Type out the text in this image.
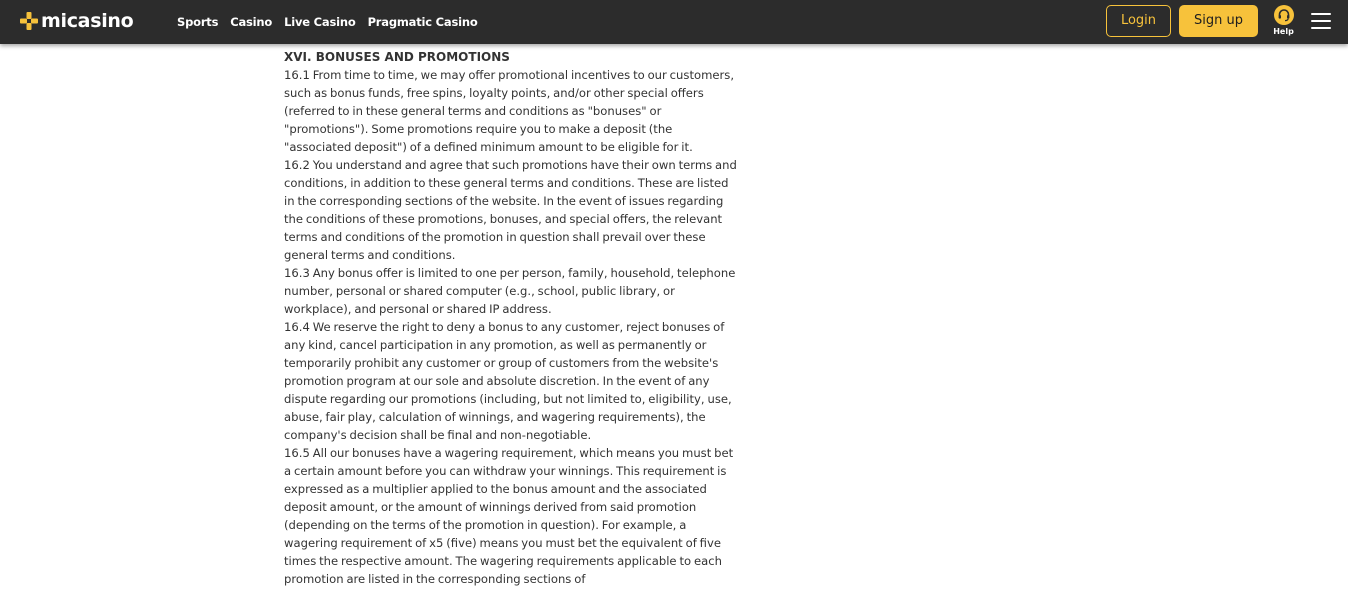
micasino	Sports Casino Live Casino Pragmatic Casino	Login	Sign up
Help
XVI. BONUSES AND PROMOTIONS

16.1 From time to time, we may offer promotional incentives to our customers, such as bonus funds, free spins, loyalty points, and/or other special offers (referred to in these general terms and conditions as "bonuses" or "promotions"). Some promotions require you to make a deposit (the "associated deposit") of a defined minimum amount to be eligible for it.

16.2 You understand and agree that such promotions have their own terms and conditions, in addition to these general terms and conditions. These are listed in the corresponding sections of the website. In the event of issues regarding the conditions of these promotions, bonuses, and special offers, the relevant terms and conditions of the promotion in question shall prevail over these general terms and conditions.

16.3 Any bonus offer is limited to one per person, family, household, telephone number, personal or shared computer (e.g., school, public library, or workplace), and personal or shared IP address.

16.4 We reserve the right to deny a bonus to any customer, reject bonuses of any kind, cancel participation in any promotion, as well as permanently or temporarily prohibit any customer or group of customers from the website's promotion program at our sole and absolute discretion. In the event of any dispute regarding our promotions (including, but not limited to, eligibility, use, abuse, fair play, calculation of winnings, and wagering requirements), the company's decision shall be final and non-negotiable.

16.5 All our bonuses have a wagering requirement, which means you must bet a certain amount before you can withdraw your winnings. This requirement is expressed as a multiplier applied to the bonus amount and the associated deposit amount, or the amount of winnings derived from said promotion (depending on the terms of the promotion in question). For example, a wagering requirement of x5 (five) means you must bet the equivalent of five times the respective amount. The wagering requirements applicable to each promotion are listed in the corresponding sections of
